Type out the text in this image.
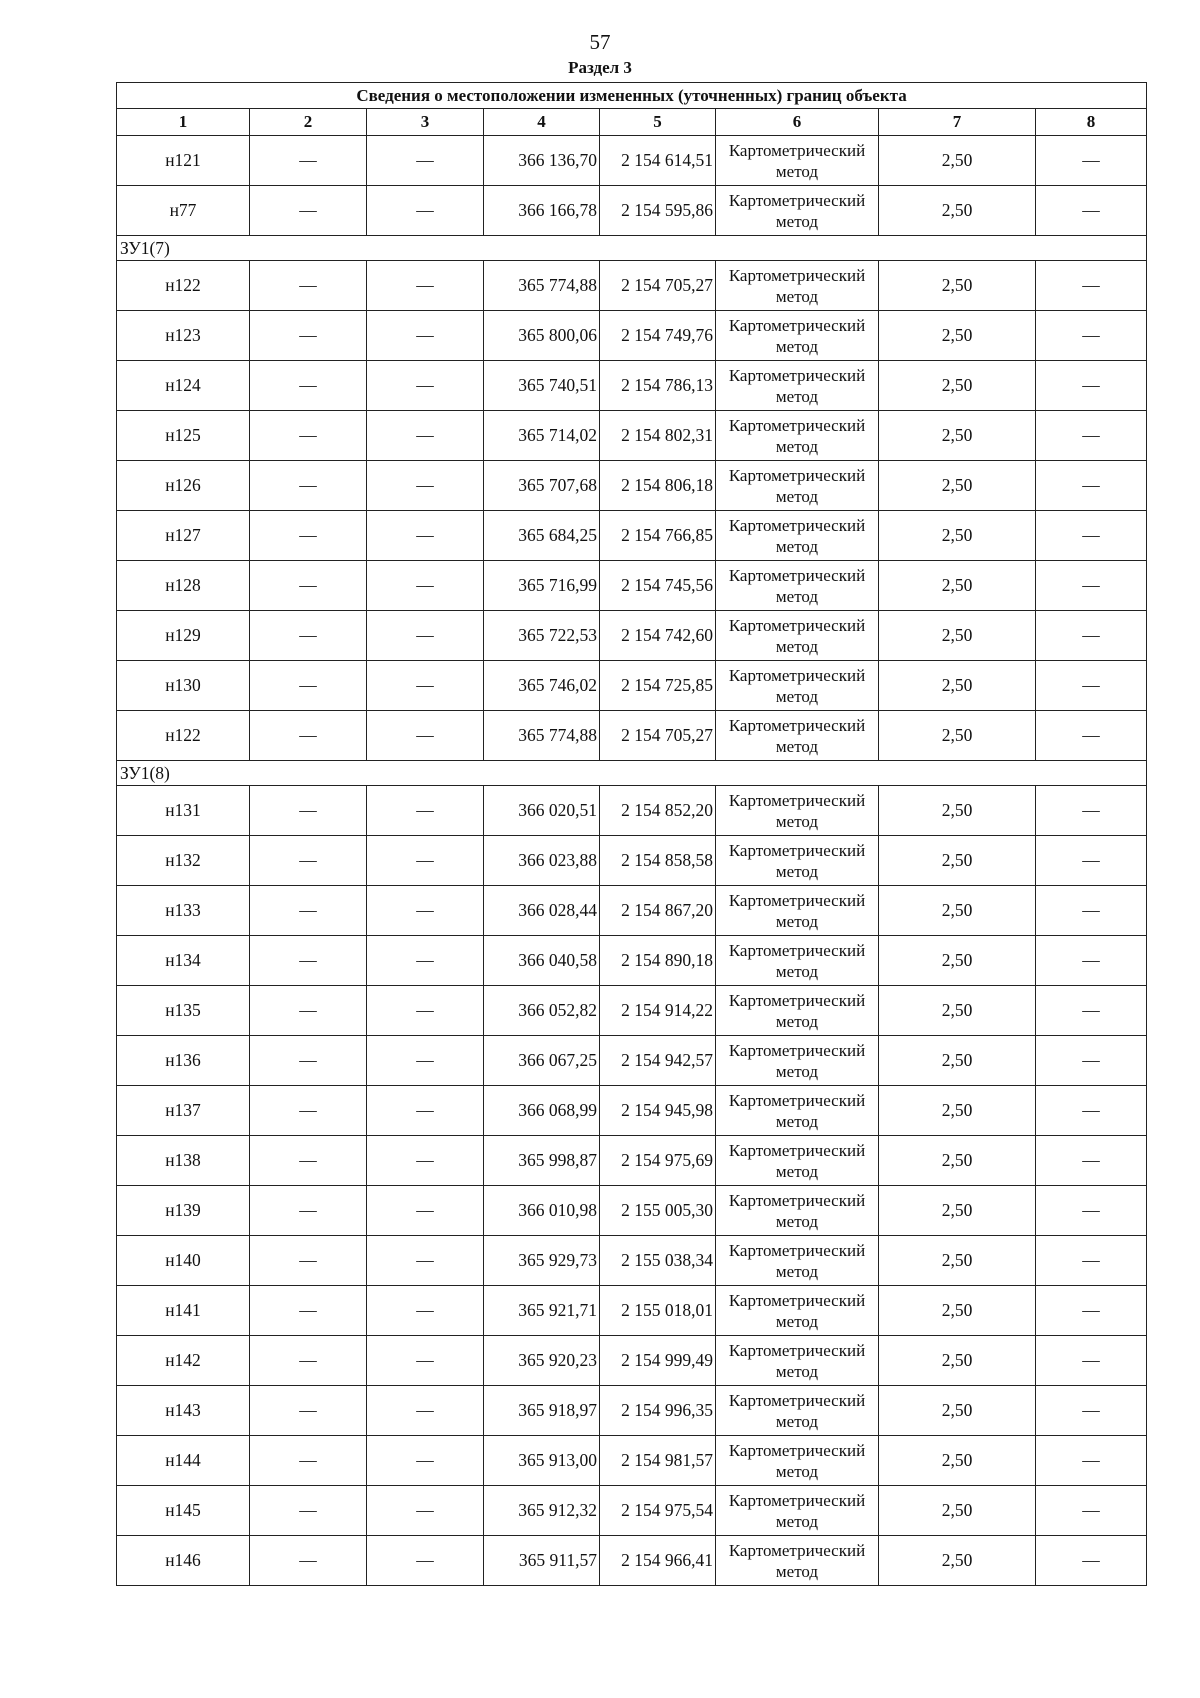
57
Раздел 3
Сведения о местоположении измененных (уточненных) границ объекта							
1	2	3	4	5	6	7	8
н121	—	—	366 136,70	2 154 614,51	Картометрический метод	2,50	—
н77	—	—	366 166,78	2 154 595,86	Картометрический метод	2,50	—
ЗУ1(7)							
н122	—	—	365 774,88	2 154 705,27	Картометрический метод	2,50	—
н123	—	—	365 800,06	2 154 749,76	Картометрический метод	2,50	—
н124	—	—	365 740,51	2 154 786,13	Картометрический метод	2,50	—
н125	—	—	365 714,02	2 154 802,31	Картометрический метод	2,50	—
н126	—	—	365 707,68	2 154 806,18	Картометрический метод	2,50	—
н127	—	—	365 684,25	2 154 766,85	Картометрический метод	2,50	—
н128	—	—	365 716,99	2 154 745,56	Картометрический метод	2,50	—
н129	—	—	365 722,53	2 154 742,60	Картометрический метод	2,50	—
н130	—	—	365 746,02	2 154 725,85	Картометрический метод	2,50	—
н122	—	—	365 774,88	2 154 705,27	Картометрический метод	2,50	—
ЗУ1(8)							
н131	—	—	366 020,51	2 154 852,20	Картометрический метод	2,50	—
н132	—	—	366 023,88	2 154 858,58	Картометрический метод	2,50	—
н133	—	—	366 028,44	2 154 867,20	Картометрический метод	2,50	—
н134	—	—	366 040,58	2 154 890,18	Картометрический метод	2,50	—
н135	—	—	366 052,82	2 154 914,22	Картометрический метод	2,50	—
н136	—	—	366 067,25	2 154 942,57	Картометрический метод	2,50	—
н137	—	—	366 068,99	2 154 945,98	Картометрический метод	2,50	—
н138	—	—	365 998,87	2 154 975,69	Картометрический метод	2,50	—
н139	—	—	366 010,98	2 155 005,30	Картометрический метод	2,50	—
н140	—	—	365 929,73	2 155 038,34	Картометрический метод	2,50	—
н141	—	—	365 921,71	2 155 018,01	Картометрический метод	2,50	—
н142	—	—	365 920,23	2 154 999,49	Картометрический метод	2,50	—
н143	—	—	365 918,97	2 154 996,35	Картометрический метод	2,50	—
н144	—	—	365 913,00	2 154 981,57	Картометрический метод	2,50	—
н145	—	—	365 912,32	2 154 975,54	Картометрический метод	2,50	—
н146	—	—	365 911,57	2 154 966,41	Картометрический метод	2,50	—
